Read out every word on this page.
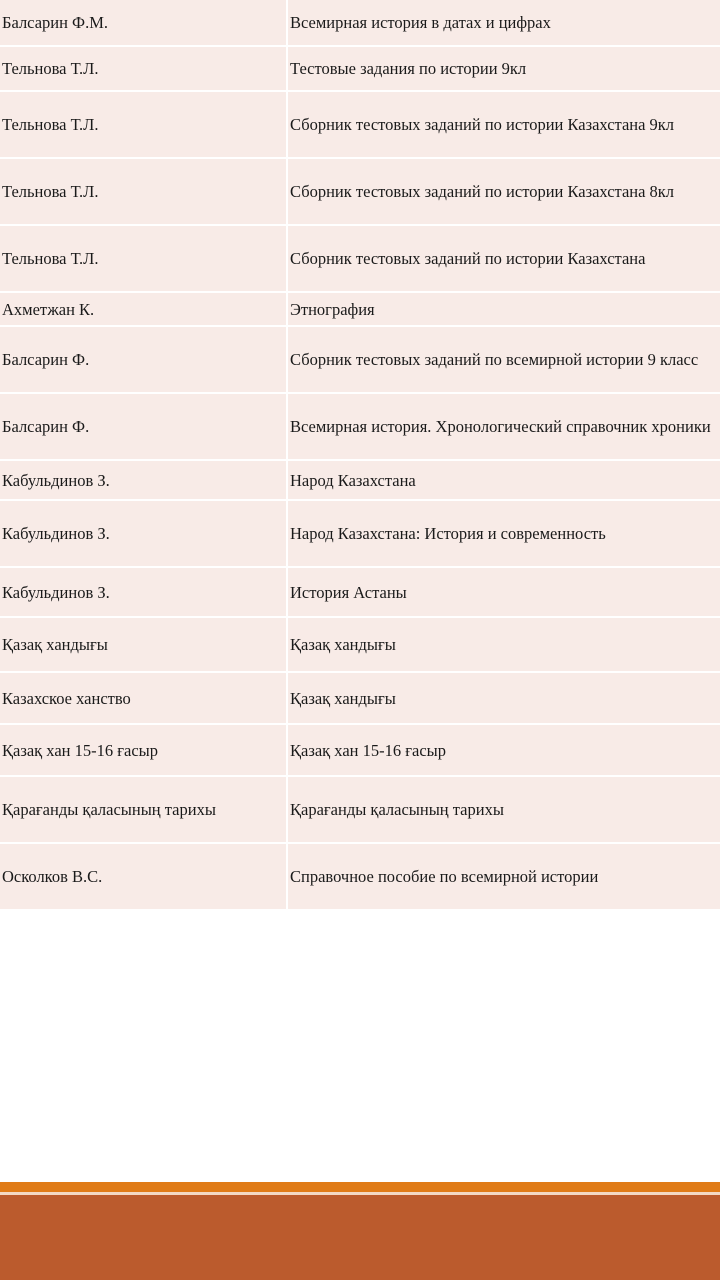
Балсарин Ф.М.	Всемирная история в датах и цифрах
Тельнова Т.Л.	Тестовые задания по истории 9кл
Тельнова Т.Л.	Сборник тестовых заданий по истории Казахстана 9кл
Тельнова Т.Л.	Сборник тестовых заданий по истории Казахстана 8кл
Тельнова Т.Л.	Сборник тестовых заданий по истории Казахстана
Ахметжан К.	Этнография
Балсарин Ф.	Сборник тестовых заданий по всемирной истории 9 класс
Балсарин Ф.	Всемирная история. Хронологический справочник хроники
Кабульдинов З.	Народ Казахстана
Кабульдинов З.	Народ Казахстана: История и современность
Кабульдинов З.	История Астаны
Қазақ хандығы	Қазақ хандығы
Казахское ханство	Қазақ хандығы
Қазақ хан 15-16 ғасыр	Қазақ хан 15-16 ғасыр
Қарағанды қаласының тарихы	Қарағанды қаласының тарихы
Осколков В.С.	Справочное пособие по всемирной истории
